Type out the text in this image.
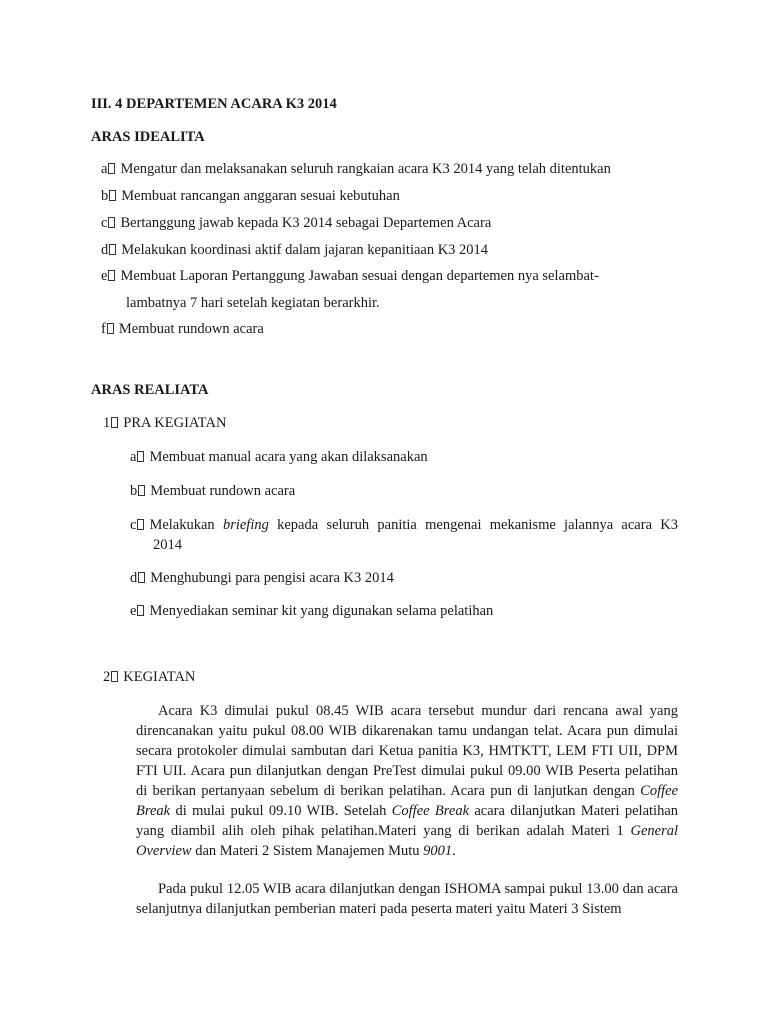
III. 4 DEPARTEMEN ACARA K3 2014
ARAS IDEALITA
a Mengatur dan melaksanakan seluruh rangkaian acara K3 2014 yang telah ditentukan
b Membuat rancangan anggaran sesuai kebutuhan
c Bertanggung jawab kepada K3 2014 sebagai Departemen Acara
d Melakukan koordinasi aktif dalam jajaran kepanitiaan K3 2014
e Membuat Laporan Pertanggung Jawaban sesuai dengan departemen nya selambat-
lambatnya 7 hari setelah kegiatan berarkhir.
f Membuat rundown acara
ARAS REALIATA
1 PRA KEGIATAN
a Membuat manual acara yang akan dilaksanakan
b Membuat rundown acara
c Melakukan briefing kepada seluruh panitia mengenai mekanisme jalannya acara K3
2014
d Menghubungi para pengisi acara K3 2014
e Menyediakan seminar kit yang digunakan selama pelatihan
2 KEGIATAN
Acara K3 dimulai pukul 08.45 WIB acara tersebut mundur dari rencana awal yang direncanakan yaitu pukul 08.00 WIB dikarenakan tamu undangan telat. Acara pun dimulai secara protokoler dimulai sambutan dari Ketua panitia K3, HMTKTT, LEM FTI UII, DPM FTI UII. Acara pun dilanjutkan dengan PreTest dimulai pukul 09.00 WIB Peserta pelatihan di berikan pertanyaan sebelum di berikan pelatihan. Acara pun di lanjutkan dengan Coffee Break di mulai pukul 09.10 WIB. Setelah Coffee Break acara dilanjutkan Materi pelatihan yang diambil alih oleh pihak pelatihan.Materi yang di berikan adalah Materi 1 General Overview dan Materi 2 Sistem Manajemen Mutu 9001.
Pada pukul 12.05 WIB acara dilanjutkan dengan ISHOMA sampai pukul 13.00 dan acara selanjutnya dilanjutkan pemberian materi pada peserta materi yaitu Materi 3 Sistem
